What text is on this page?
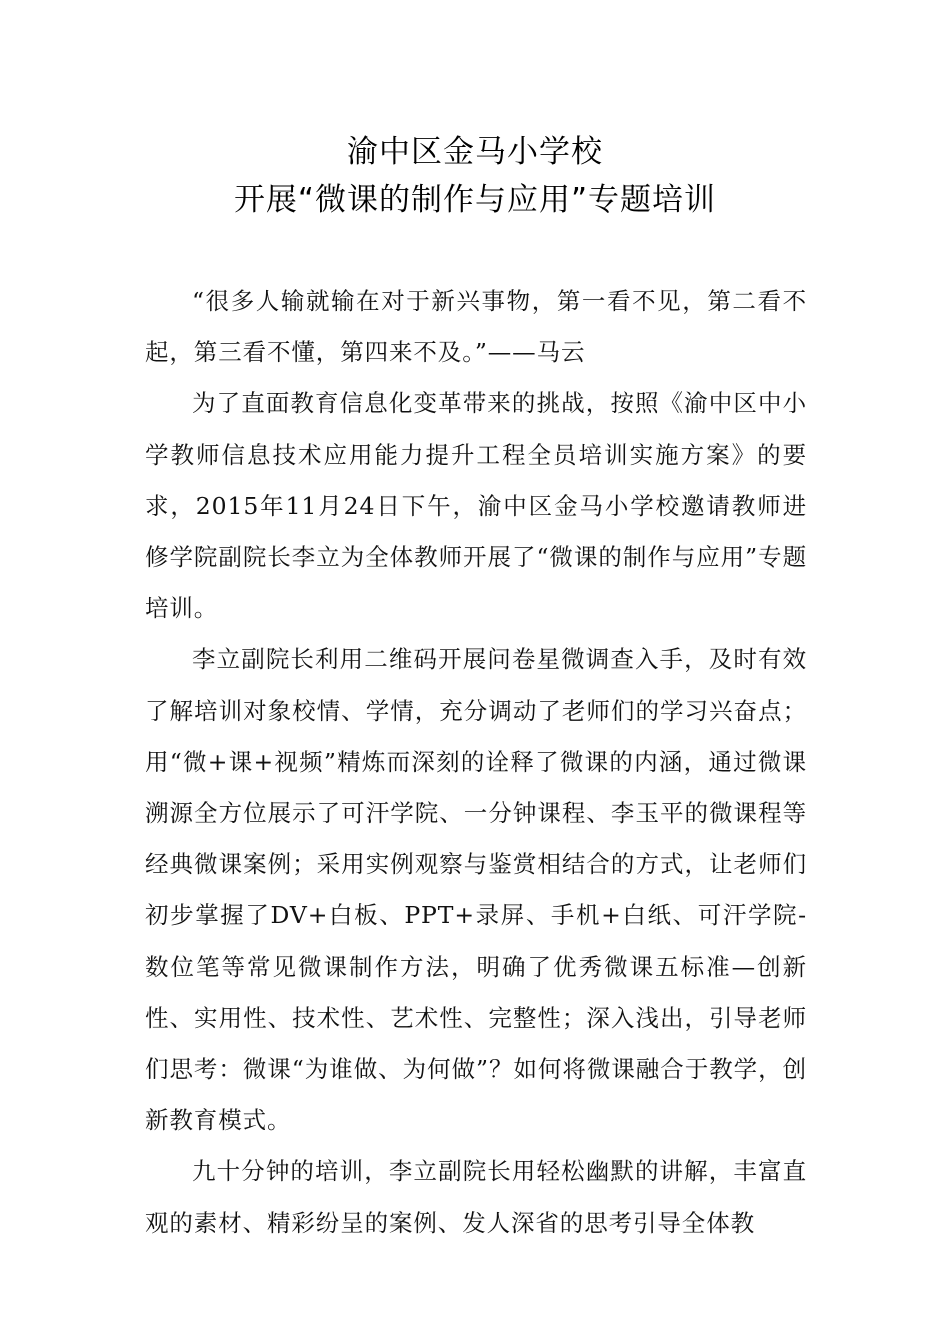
渝中区金马小学校
开展“微课的制作与应用”专题培训

“很多人输就输在对于新兴事物，第一看不见，第二看不起，第三看不懂，第四来不及。”——马云

为了直面教育信息化变革带来的挑战，按照《渝中区中小学教师信息技术应用能力提升工程全员培训实施方案》的要求，2015年11月24日下午，渝中区金马小学校邀请教师进修学院副院长李立为全体教师开展了“微课的制作与应用”专题培训。

李立副院长利用二维码开展问卷星微调查入手，及时有效了解培训对象校情、学情，充分调动了老师们的学习兴奋点；用“微+课+视频”精炼而深刻的诠释了微课的内涵，通过微课溯源全方位展示了可汗学院、一分钟课程、李玉平的微课程等经典微课案例；采用实例观察与鉴赏相结合的方式，让老师们初步掌握了DV+白板、PPT+录屏、手机+白纸、可汗学院-数位笔等常见微课制作方法，明确了优秀微课五标准—创新性、实用性、技术性、艺术性、完整性；深入浅出，引导老师们思考：微课“为谁做、为何做”？如何将微课融合于教学，创新教育模式。

九十分钟的培训，李立副院长用轻松幽默的讲解，丰富直观的素材、精彩纷呈的案例、发人深省的思考引导全体教
